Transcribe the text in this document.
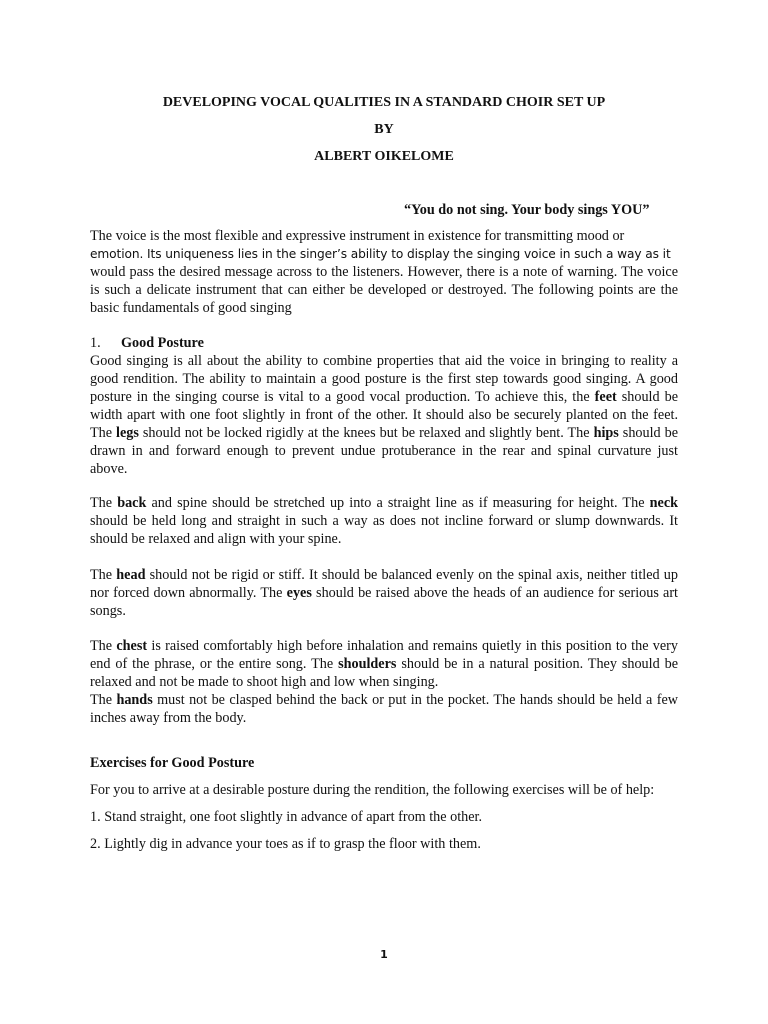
DEVELOPING VOCAL QUALITIES IN A STANDARD CHOIR SET UP
BY
ALBERT OIKELOME
“You do not sing. Your body sings YOU”

The voice is the most flexible and expressive instrument in existence for transmitting mood or
emotion. Its uniqueness lies in the singer’s ability to display the singing voice in such a way as it
would pass the desired message across to the listeners. However, there is a note of warning. The voice is such a delicate instrument that can either be developed or destroyed. The following points are the basic fundamentals of good singing

1. Good Posture

Good singing is all about the ability to combine properties that aid the voice in bringing to reality a good rendition. The ability to maintain a good posture is the first step towards good singing. A good posture in the singing course is vital to a good vocal production. To achieve this, the feet should be width apart with one foot slightly in front of the other. It should also be securely planted on the feet. The legs should not be locked rigidly at the knees but be relaxed and slightly bent. The hips should be drawn in and forward enough to prevent undue protuberance in the rear and spinal curvature just above.

The back and spine should be stretched up into a straight line as if measuring for height. The neck should be held long and straight in such a way as does not incline forward or slump downwards. It should be relaxed and align with your spine.

The head should not be rigid or stiff. It should be balanced evenly on the spinal axis, neither titled up nor forced down abnormally. The eyes should be raised above the heads of an audience for serious art songs.

The chest is raised comfortably high before inhalation and remains quietly in this position to the very end of the phrase, or the entire song. The shoulders should be in a natural position. They should be relaxed and not be made to shoot high and low when singing.

The hands must not be clasped behind the back or put in the pocket. The hands should be held a few inches away from the body.

Exercises for Good Posture

For you to arrive at a desirable posture during the rendition, the following exercises will be of help:

1. Stand straight, one foot slightly in advance of apart from the other.

2. Lightly dig in advance your toes as if to grasp the floor with them.

1
